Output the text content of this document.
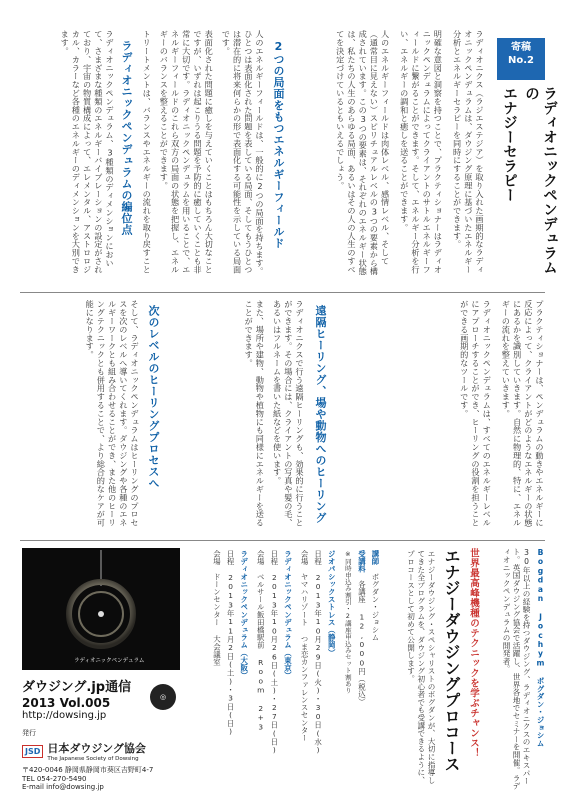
寄稿
No.2
ラディオニックペンデュラムの
エナジーセラピー

ラディオニクス（ラジエステジア）を取り入れた画期的なラディオニックペンデュラムは、ダウジング原理に基づいたエネルギー分析とエネルギーセラピーを同時にすることができます。

明確な意図と洞察を持つことで、プラクティショナーはラディオニックペンデュラムによってクライアントのサトルエネルギーフィールドに繋がることができます。そして、エネルギー分析を行い、エネルギーの調和と癒しを送ることができます。

人のエネルギーフィールドは肉体レベル、感情レベル、そして（通常目に見えない）スピリチュアルレベルの3つの要素から構成されています。この3つの要素は、それぞれのエネルギー状態は、私たちの人生のあらゆる局面、あるいはその人の人生のすべてを決定づけているともいえるでしょう。

2つの局面をもつエネルギーフィールド

人のエネルギーフィールドは、一般的に2つの局面を持ちます。ひとつは表面化された問題を表している局面、そしてもうひとつは潜在的に将来何らかの形で表面化する可能性を示している局面です。

表面化された問題に癒しを与えていくことはもちろん大切なことですが、いずれは起こりうる問題を予防的に癒していくことも非常に大切です。ラディオニックペンデュラムを用いることで、エネルギーフィールドのこれら双方の局面の状態を把握し、エネルギーのバランスを整えることができます。

トリートメントは、バランスやエネルギーの流れを取り戻すこと

ラディオニックペンデュラムの編位点

ラディオニックペンデュラム、3種類のディメンションにおいて、さまざまな種類のエネルギーバイブレーションの設定がされており、宇宙の物質構成によって、エレメンタル、アストロロジカル、カラーなど各種のエネルギーのディメンションを大別できます。

プラクティショナーは、ペンデュラムの動きやエネルギーに反応によって、クライアントがどのようなエネルギーの状態にあるかを識別していきます。自然に物理的、特に、エネルギーの流れを整えていきます。

ラディオニックペンデュラムは、すべてのエネルギーレベルにアプローチすることができ、ヒーリングの役割を担うことができる画期的なツールです。

遠隔ヒーリング、場や動物へのヒーリング

ラディオニクスで行う遠隔ヒーリングも、効果的に行うことができます。その場合には、クライアントの写真や髪の毛、あるいはフルネームを書いた紙などを使います。

また、場所や建物、動物や植物にも同様にエネルギーを送ることができます。

そして、ラディオニックペンデュラムはヒーリングのプロセスを次のレベルへ導いてくれます。ダウジングや各種のエネルギーワークとも組み合わせることができ、また他のヒーリングテクニックとも併用することで、より総合的なケアが可能になります。	次のレベルのヒーリングプロセスへ

Bogdan Jochym ボグダン・ジョシム

30年以上の経験を持つダウジング、ラディオニクスのエキスパート。英国ダウジング協会で活躍し、世界各地でセミナーを開催。ラディオニックペンデュラムの開発者。

世界最高峰機種のテクニックを学ぶチャンス！
エナジーダウジングプロコース
エナジーダウジング・スペシャリストのボグダンが、大切に指導してきた全プログラムを、ダウジング初心者でも受講できるように、プロコースとして初めて公開します。
講師　ボグダン・ジョシム
受講料　各講座 12,000円（税込）
※同時申込み割引・2講座申込みセット割あり
ジオパシックストレス（静岡）
日程　2013年10月29日(火)・30日(水)
会場　ヤマハリゾート つま恋カンファレンスセンター
ラディオニックペンデュラム（東京）
日程　2013年10月26日(土)・27日(日)
会場　ベルサール飯田橋駅前 Room 2+3
ラディオニックペンデュラム（大阪）
日程　2013年11月2日(土)・3日(日)
会場　ドーンセンター 大会議室
ラディオニックペンデュラム
ダウジング.jp通信
2013 Vol.005
http://dowsing.jp
◎
発行
JSD 日本ダウジング協会
The Japanese Society of Dowsing
〒420-0046 静岡県静岡市葵区吉野町4-7
TEL 054-270-5490
E-mail info@dowsing.jp
